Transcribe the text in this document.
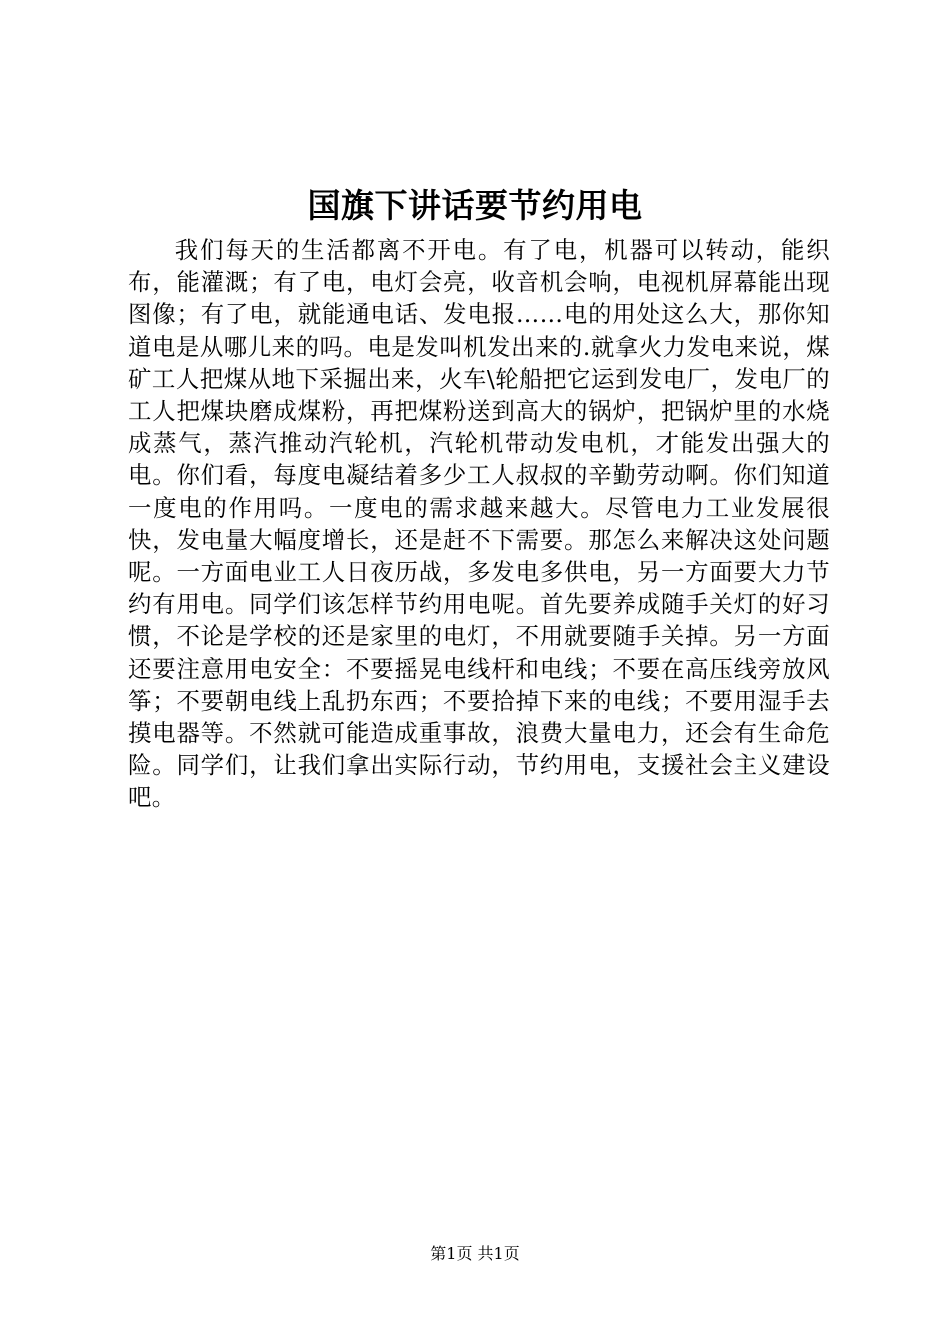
国旗下讲话要节约用电

我们每天的生活都离不开电。有了电，机器可以转动，能织布，能灌溉；有了电，电灯会亮，收音机会响，电视机屏幕能出现图像；有了电，就能通电话、发电报……电的用处这么大，那你知道电是从哪儿来的吗。电是发叫机发出来的.就拿火力发电来说，煤矿工人把煤从地下采掘出来，火车\轮船把它运到发电厂，发电厂的工人把煤块磨成煤粉，再把煤粉送到高大的锅炉，把锅炉里的水烧成蒸气，蒸汽推动汽轮机，汽轮机带动发电机，才能发出强大的电。你们看，每度电凝结着多少工人叔叔的辛勤劳动啊。你们知道一度电的作用吗。一度电的需求越来越大。尽管电力工业发展很快，发电量大幅度增长，还是赶不下需要。那怎么来解决这处问题呢。一方面电业工人日夜历战，多发电多供电，另一方面要大力节约有用电。同学们该怎样节约用电呢。首先要养成随手关灯的好习惯，不论是学校的还是家里的电灯，不用就要随手关掉。另一方面还要注意用电安全：不要摇晃电线杆和电线；不要在高压线旁放风筝；不要朝电线上乱扔东西；不要拾掉下来的电线；不要用湿手去摸电器等。不然就可能造成重事故，浪费大量电力，还会有生命危险。同学们，让我们拿出实际行动，节约用电，支援社会主义建设吧。

第1页 共1页
